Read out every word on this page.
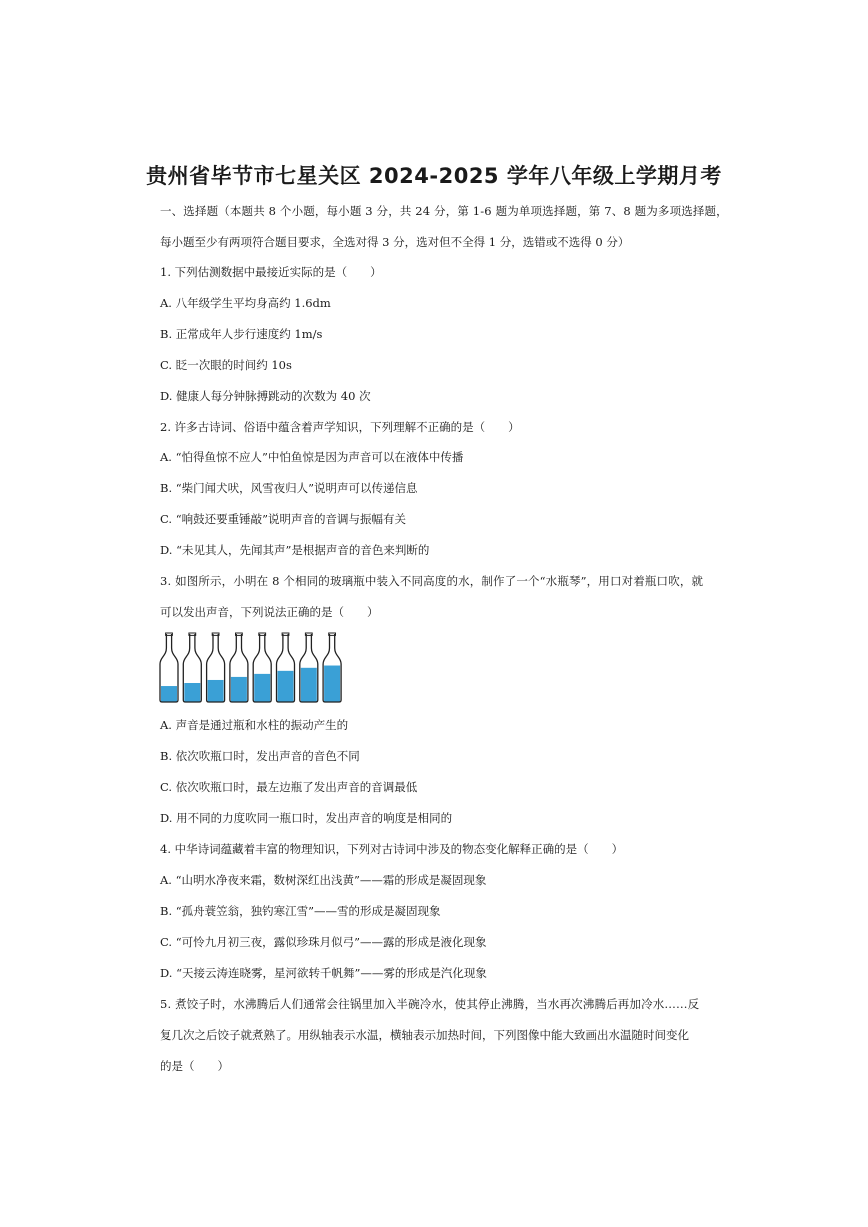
贵州省毕节市七星关区 2024-2025 学年八年级上学期月考
一、选择题（本题共 8 个小题，每小题 3 分，共 24 分，第 1-6 题为单项选择题，第 7、8 题为多项选择题，
每小题至少有两项符合题目要求，全选对得 3 分，选对但不全得 1 分，选错或不选得 0 分）
1. 下列估测数据中最接近实际的是（　　）
A. 八年级学生平均身高约 1.6dm
B. 正常成年人步行速度约 1m/s
C. 眨一次眼的时间约 10s
D. 健康人每分钟脉搏跳动的次数为 40 次
2. 许多古诗词、俗语中蕴含着声学知识，下列理解不正确的是（　　）
A. “怕得鱼惊不应人”中怕鱼惊是因为声音可以在液体中传播
B. “柴门闻犬吠，风雪夜归人”说明声可以传递信息
C. “响鼓还要重锤敲”说明声音的音调与振幅有关
D. “未见其人，先闻其声”是根据声音的音色来判断的
3. 如图所示，小明在 8 个相同的玻璃瓶中装入不同高度的水，制作了一个“水瓶琴”，用口对着瓶口吹，就
可以发出声音，下列说法正确的是（　　）
A. 声音是通过瓶和水柱的振动产生的
B. 依次吹瓶口时，发出声音的音色不同
C. 依次吹瓶口时，最左边瓶了发出声音的音调最低
D. 用不同的力度吹同一瓶口时，发出声音的响度是相同的
4. 中华诗词蕴藏着丰富的物理知识，下列对古诗词中涉及的物态变化解释正确的是（　　）
A. “山明水净夜来霜，数树深红出浅黄”——霜的形成是凝固现象
B. “孤舟蓑笠翁，独钓寒江雪”——雪的形成是凝固现象
C. “可怜九月初三夜，露似珍珠月似弓”——露的形成是液化现象
D. “天接云涛连晓雾，星河欲转千帆舞”——雾的形成是汽化现象
5. 煮饺子时，水沸腾后人们通常会往锅里加入半碗冷水，使其停止沸腾，当水再次沸腾后再加冷水……反
复几次之后饺子就煮熟了。用纵轴表示水温，横轴表示加热时间，下列图像中能大致画出水温随时间变化
的是（　　）
